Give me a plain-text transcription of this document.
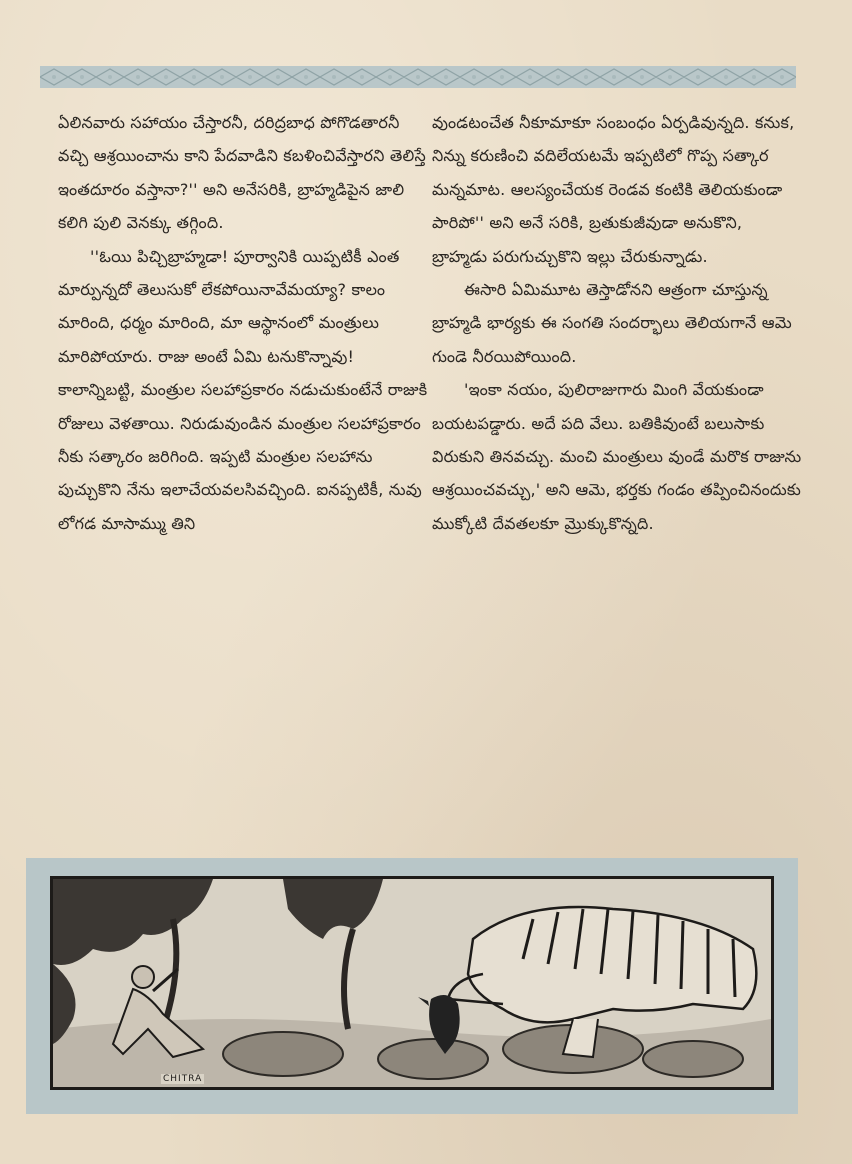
ఏలినవారు సహాయం చేస్తారనీ, దరిద్రబాధ పోగొడతారనీ వచ్చి ఆశ్రయించాను కాని పేదవాడిని కబళించివేస్తారని తెలిస్తే ఇంతదూరం వస్తానా?'' అని అనేసరికి, బ్రాహ్మడిపైన జాలి కలిగి పులి వెనక్కు తగ్గింది.

''ఓయి పిచ్చిబ్రాహ్మడా! పూర్వానికి యిప్పటికీ ఎంత మార్పున్నదో తెలుసుకో లేకపోయినావేమయ్యా? కాలం మారింది, ధర్మం మారింది, మా ఆస్థానంలో మంత్రులు మారిపోయారు. రాజు అంటే ఏమి టనుకొన్నావు! కాలాన్నిబట్టి, మంత్రుల సలహాప్రకారం నడుచుకుంటేనే రాజుకి రోజులు వెళతాయి. నిరుడువుండిన మంత్రుల సలహాప్రకారం నీకు సత్కారం జరిగింది. ఇప్పటి మంత్రుల సలహాను పుచ్చుకొని నేను ఇలాచేయవలసివచ్చింది. ఐనప్పటికీ, నువు లోగడ మాసామ్ము తిని

వుండటంచేత నీకూమాకూ సంబంధం ఏర్పడివున్నది. కనుక, నిన్ను కరుణించి వదిలేయటమే ఇప్పటిలో గొప్ప సత్కార మన్నమాట. ఆలస్యంచేయక రెండవ కంటికి తెలియకుండా పారిపో'' అని అనే సరికి, బ్రతుకుజీవుడా అనుకొని, బ్రాహ్మడు పరుగుచ్చుకొని ఇల్లు చేరుకున్నాడు.

ఈసారి ఏమిమూట తెస్తాడోనని ఆత్రంగా చూస్తున్న బ్రాహ్మడి భార్యకు ఈ సంగతి సందర్భాలు తెలియగానే ఆమె గుండె నీరయిపోయింది.

'ఇంకా నయం, పులిరాజుగారు మింగి వేయకుండా బయటపడ్డారు. అదే పది వేలు. బతికివుంటే బలుసాకు విరుకుని తినవచ్చు. మంచి మంత్రులు వుండే మరొక రాజును ఆశ్రయించవచ్చు,' అని ఆమె, భర్తకు గండం తప్పించినందుకు ముక్కోటి దేవతలకూ మ్రొక్కుకొన్నది.

CHITRA
